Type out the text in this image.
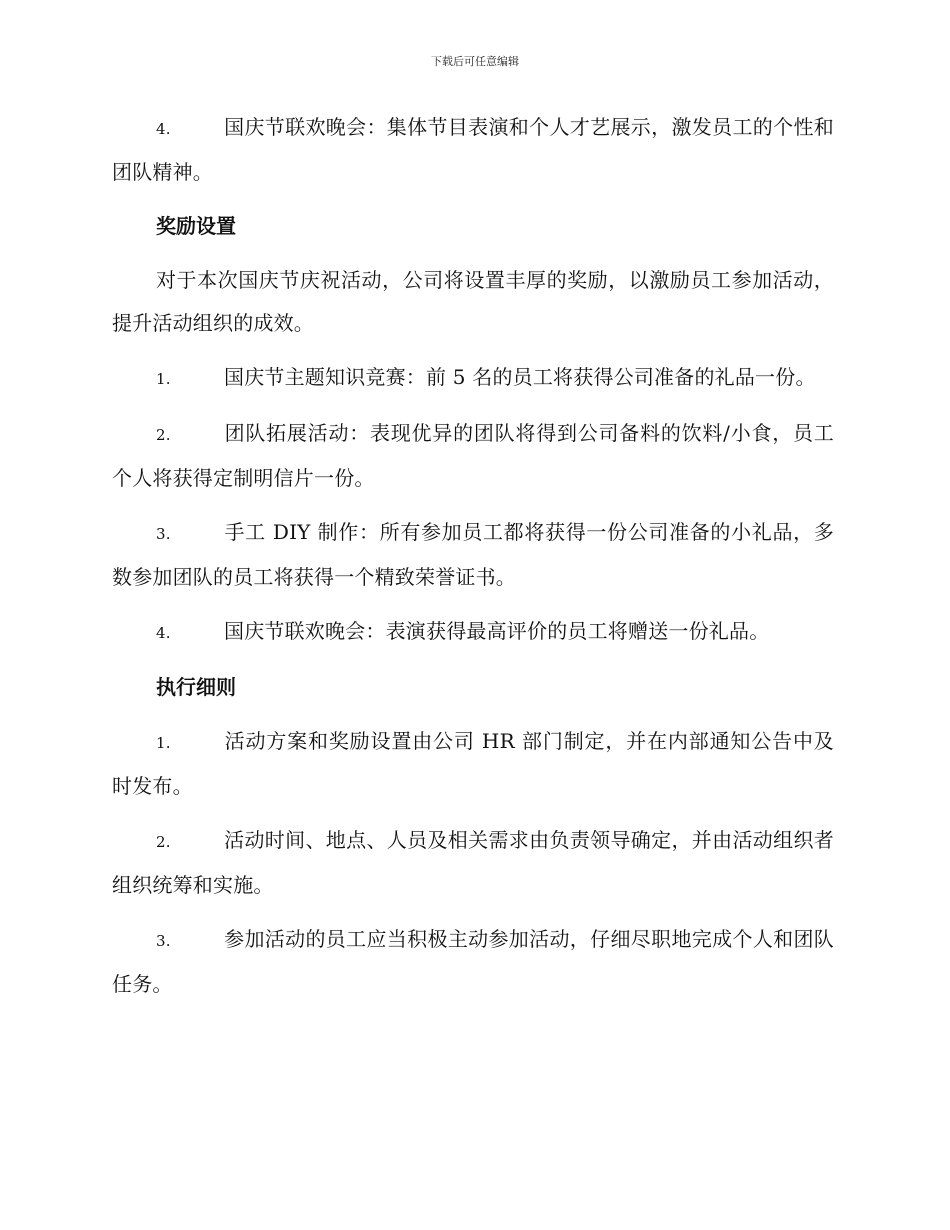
下载后可任意编辑

4.	国庆节联欢晚会：集体节目表演和个人才艺展示，激发员工的个性和团队精神。

奖励设置

对于本次国庆节庆祝活动，公司将设置丰厚的奖励，以激励员工参加活动，提升活动组织的成效。

1.	国庆节主题知识竞赛：前 5 名的员工将获得公司准备的礼品一份。

2.	团队拓展活动：表现优异的团队将得到公司备料的饮料/小食，员工个人将获得定制明信片一份。

3.	手工 DIY 制作：所有参加员工都将获得一份公司准备的小礼品，多数参加团队的员工将获得一个精致荣誉证书。

4.	国庆节联欢晚会：表演获得最高评价的员工将赠送一份礼品。

执行细则

1.	活动方案和奖励设置由公司 HR 部门制定，并在内部通知公告中及时发布。

2.	活动时间、地点、人员及相关需求由负责领导确定，并由活动组织者组织统筹和实施。

3.	参加活动的员工应当积极主动参加活动，仔细尽职地完成个人和团队任务。
